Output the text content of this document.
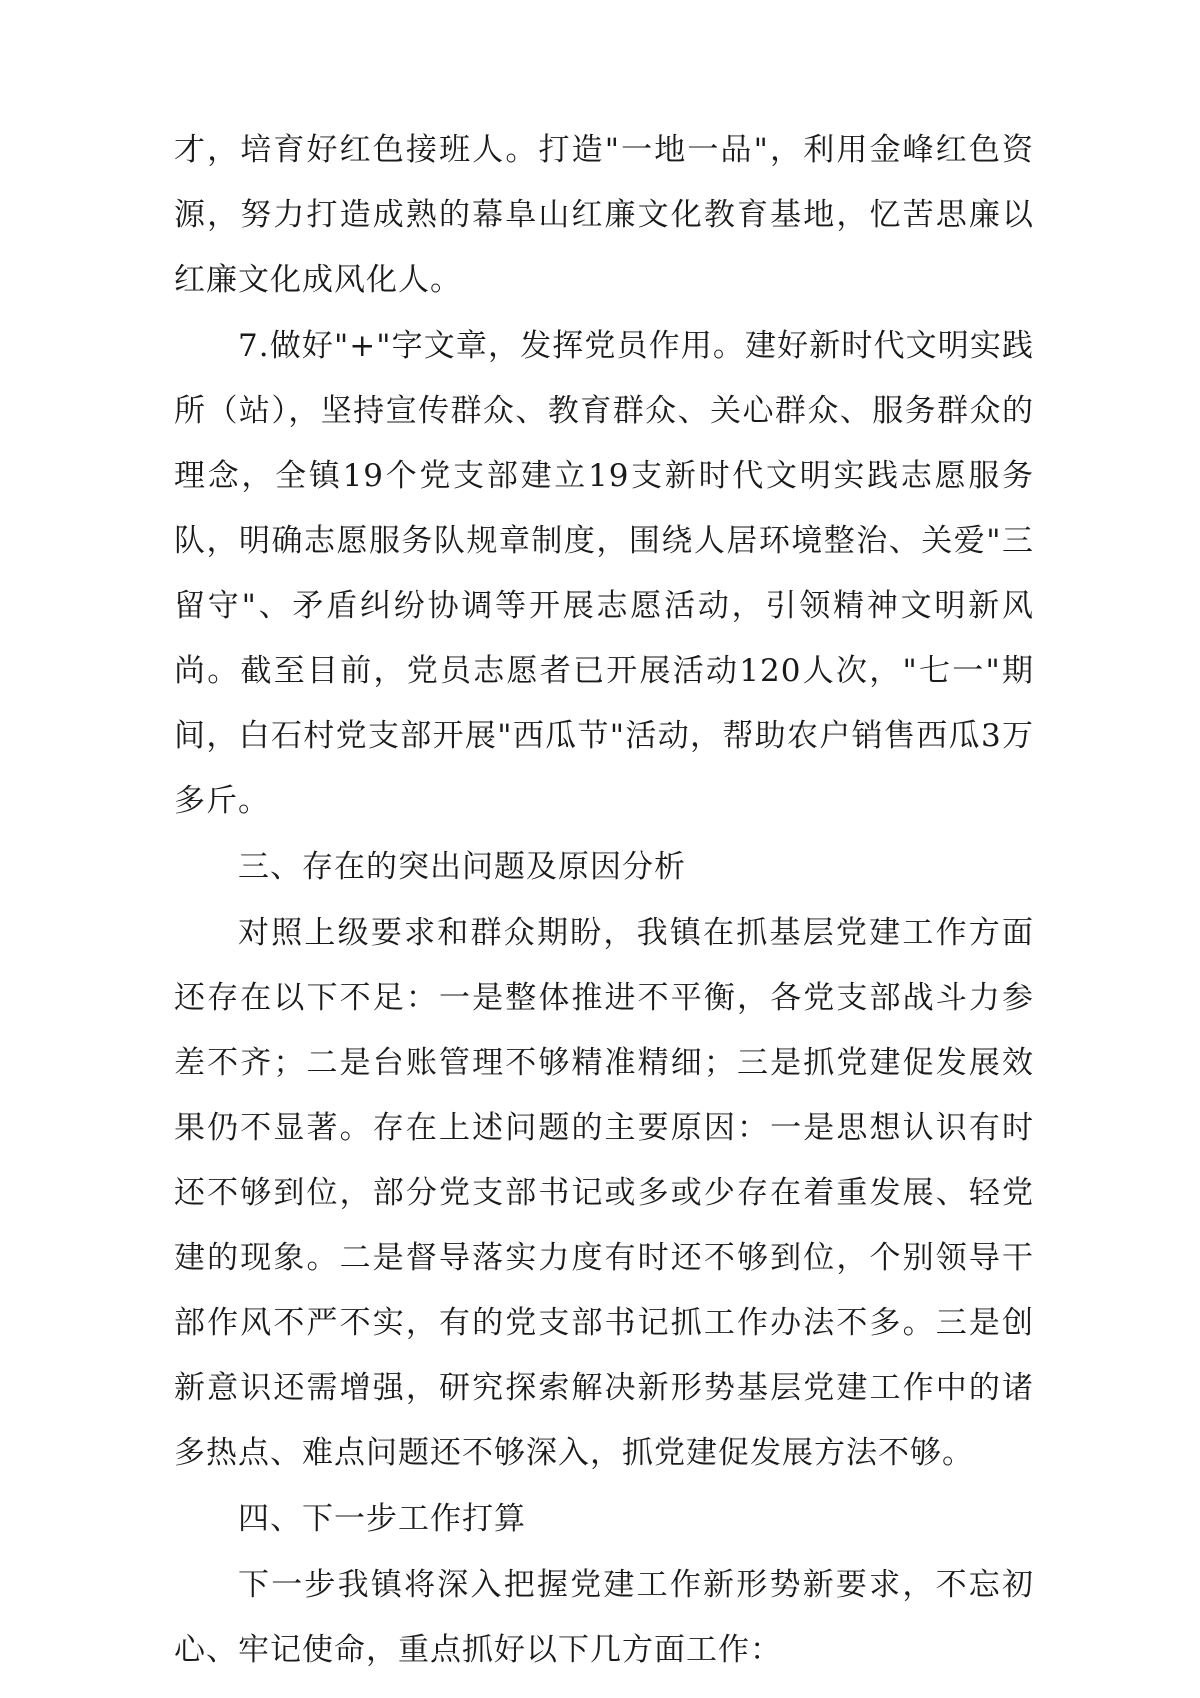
才，培育好红色接班人。打造"一地一品"，利用金峰红色资源，努力打造成熟的幕阜山红廉文化教育基地，忆苦思廉以红廉文化成风化人。

7.做好"+"字文章，发挥党员作用。建好新时代文明实践所（站），坚持宣传群众、教育群众、关心群众、服务群众的理念，全镇19个党支部建立19支新时代文明实践志愿服务队，明确志愿服务队规章制度，围绕人居环境整治、关爱"三留守"、矛盾纠纷协调等开展志愿活动，引领精神文明新风尚。截至目前，党员志愿者已开展活动120人次，"七一"期间，白石村党支部开展"西瓜节"活动，帮助农户销售西瓜3万多斤。

三、存在的突出问题及原因分析

对照上级要求和群众期盼，我镇在抓基层党建工作方面还存在以下不足：一是整体推进不平衡，各党支部战斗力参差不齐；二是台账管理不够精准精细；三是抓党建促发展效果仍不显著。存在上述问题的主要原因：一是思想认识有时还不够到位，部分党支部书记或多或少存在着重发展、轻党建的现象。二是督导落实力度有时还不够到位，个别领导干部作风不严不实，有的党支部书记抓工作办法不多。三是创新意识还需增强，研究探索解决新形势基层党建工作中的诸多热点、难点问题还不够深入，抓党建促发展方法不够。

四、下一步工作打算

下一步我镇将深入把握党建工作新形势新要求，不忘初心、牢记使命，重点抓好以下几方面工作：
